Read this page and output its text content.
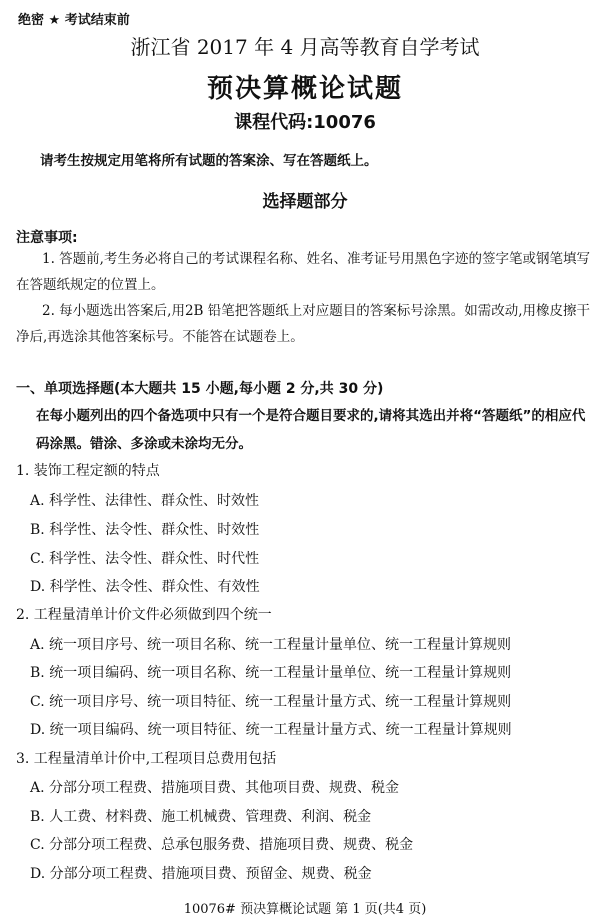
绝密 ★ 考试结束前
浙江省 2017 年 4 月高等教育自学考试
预决算概论试题
课程代码:10076
请考生按规定用笔将所有试题的答案涂、写在答题纸上。
选择题部分
注意事项:
1. 答题前,考生务必将自己的考试课程名称、姓名、准考证号用黑色字迹的签字笔或钢笔填写在答题纸规定的位置上。
2. 每小题选出答案后,用2B 铅笔把答题纸上对应题目的答案标号涂黑。如需改动,用橡皮擦干净后,再选涂其他答案标号。不能答在试题卷上。
一、单项选择题(本大题共 15 小题,每小题 2 分,共 30 分)
在每小题列出的四个备选项中只有一个是符合题目要求的,请将其选出并将“答题纸”的相应代码涂黑。错涂、多涂或未涂均无分。
1. 装饰工程定额的特点
A. 科学性、法律性、群众性、时效性
B. 科学性、法令性、群众性、时效性
C. 科学性、法令性、群众性、时代性
D. 科学性、法令性、群众性、有效性
2. 工程量清单计价文件必须做到四个统一
A. 统一项目序号、统一项目名称、统一工程量计量单位、统一工程量计算规则
B. 统一项目编码、统一项目名称、统一工程量计量单位、统一工程量计算规则
C. 统一项目序号、统一项目特征、统一工程量计量方式、统一工程量计算规则
D. 统一项目编码、统一项目特征、统一工程量计量方式、统一工程量计算规则
3. 工程量清单计价中,工程项目总费用包括
A. 分部分项工程费、措施项目费、其他项目费、规费、税金
B. 人工费、材料费、施工机械费、管理费、利润、税金
C. 分部分项工程费、总承包服务费、措施项目费、规费、税金
D. 分部分项工程费、措施项目费、预留金、规费、税金
10076# 预决算概论试题 第 1 页(共4 页)
